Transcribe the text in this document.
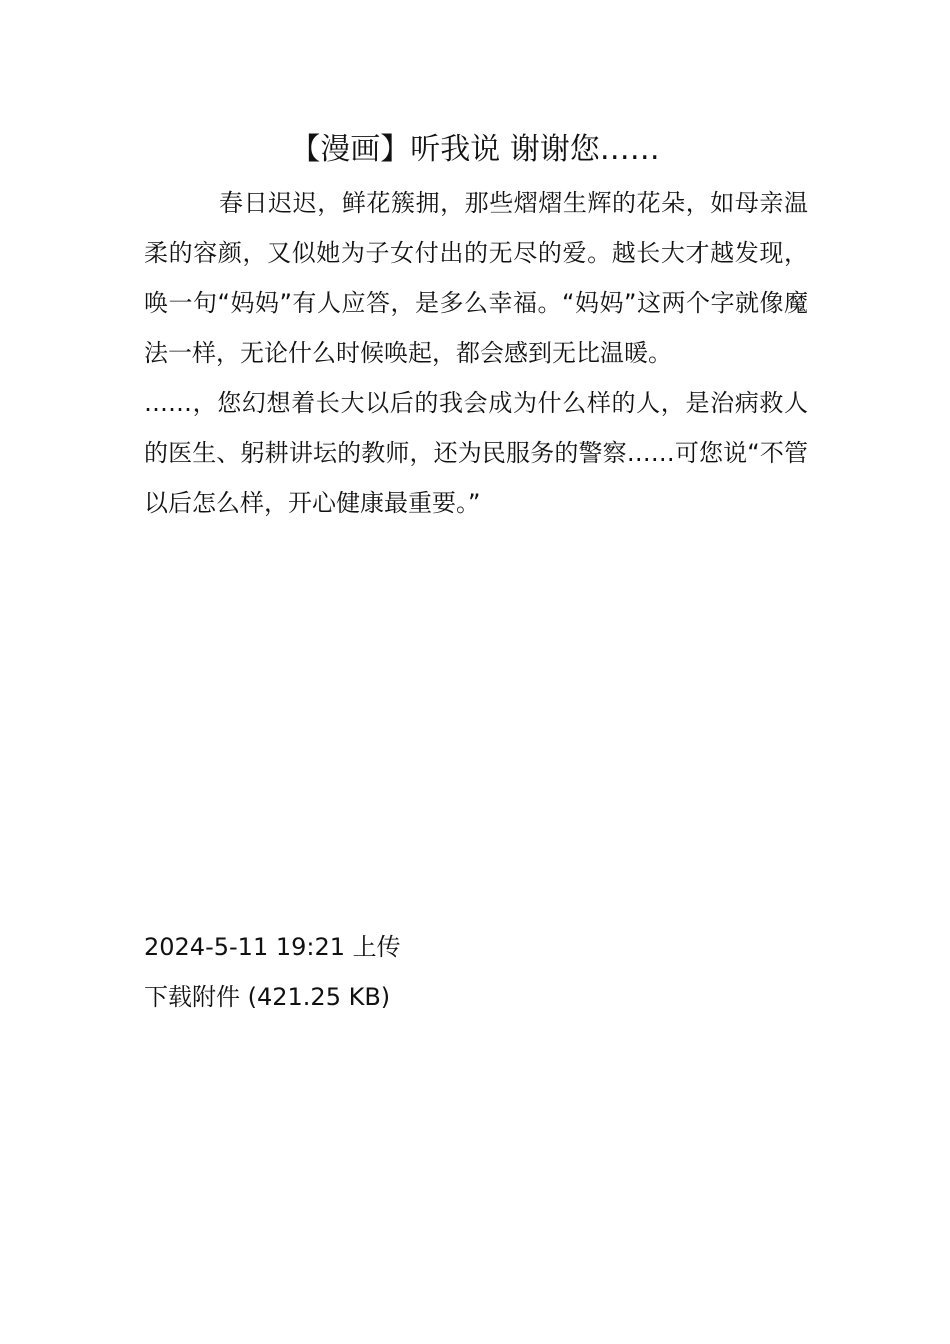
【漫画】听我说 谢谢您……

春日迟迟，鲜花簇拥，那些熠熠生辉的花朵，如母亲温柔的容颜，又似她为子女付出的无尽的爱。越长大才越发现，唤一句“妈妈”有人应答，是多么幸福。“妈妈”这两个字就像魔法一样，无论什么时候唤起，都会感到无比温暖。

……，您幻想着长大以后的我会成为什么样的人，是治病救人的医生、躬耕讲坛的教师，还为民服务的警察……可您说“不管以后怎么样，开心健康最重要。”

2024-5-11 19:21 上传
下载附件 (421.25 KB)
